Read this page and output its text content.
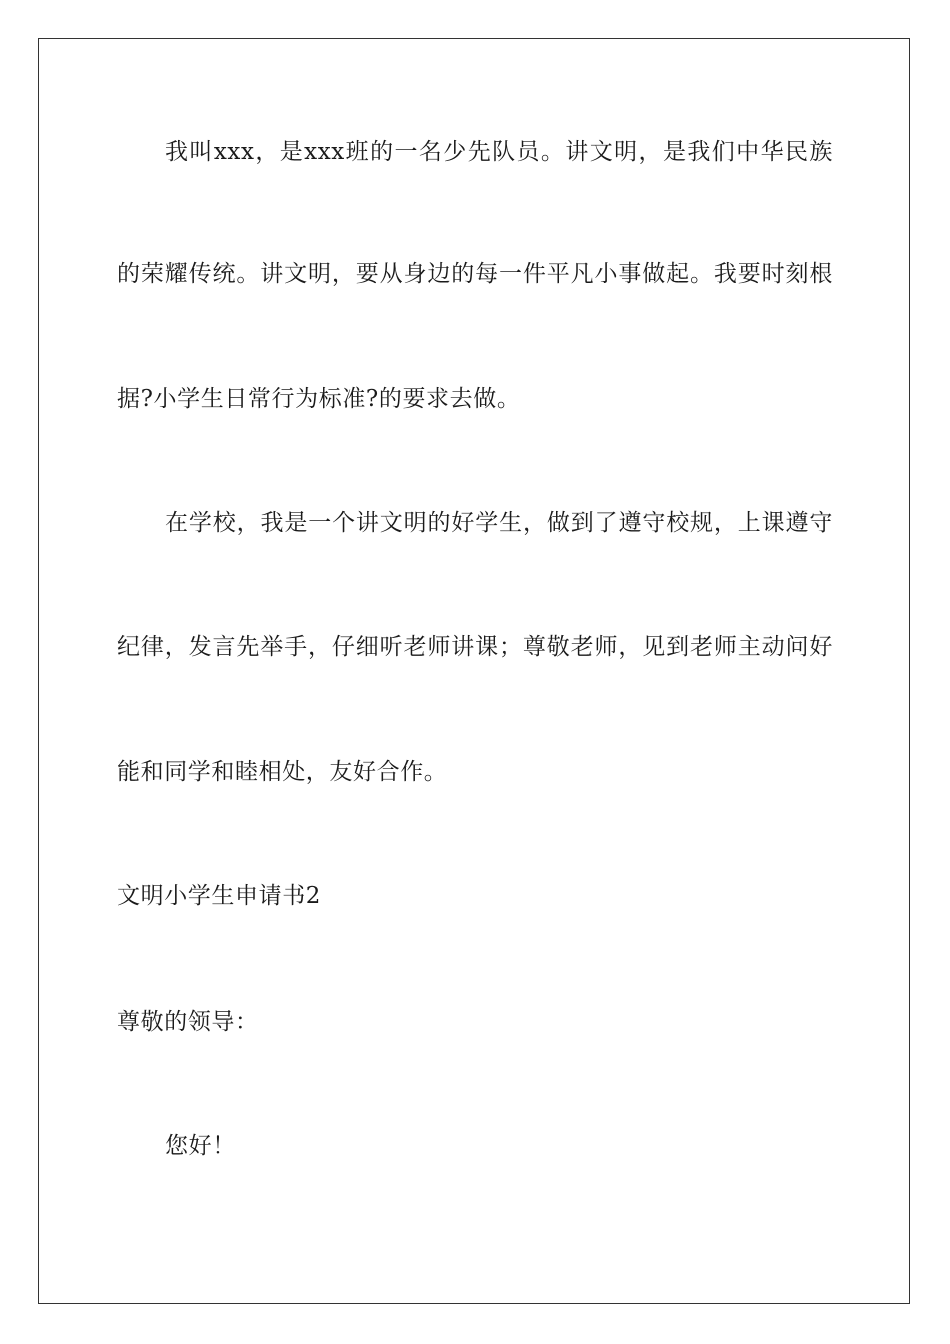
我叫xxx，是xxx班的一名少先队员。讲文明，是我们中华民族
的荣耀传统。讲文明，要从身边的每一件平凡小事做起。我要时刻根
据?小学生日常行为标准?的要求去做。
在学校，我是一个讲文明的好学生，做到了遵守校规，上课遵守
纪律，发言先举手，仔细听老师讲课；尊敬老师，见到老师主动问好
能和同学和睦相处，友好合作。
文明小学生申请书2
尊敬的领导：
您好！
